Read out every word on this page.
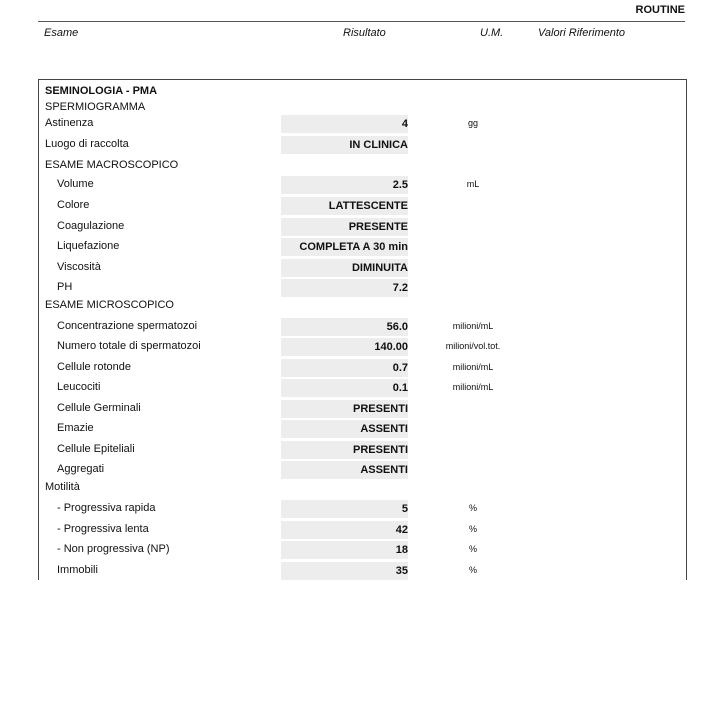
ROUTINE
Esame	Risultato	U.M.	Valori Riferimento
SEMINOLOGIA - PMA
SPERMIOGRAMMA
Astinenza	4	gg
Luogo di raccolta	IN CLINICA
ESAME MACROSCOPICO
Volume	2.5	mL
Colore	LATTESCENTE
Coagulazione	PRESENTE
Liquefazione	COMPLETA A 30 min
Viscosità	DIMINUITA
PH	7.2
ESAME MICROSCOPICO
Concentrazione spermatozoi	56.0	milioni/mL
Numero totale di spermatozoi	140.00	milioni/vol.tot.
Cellule rotonde	0.7	milioni/mL
Leucociti	0.1	milioni/mL
Cellule Germinali	PRESENTI
Emazie	ASSENTI
Cellule Epiteliali	PRESENTI
Aggregati	ASSENTI
Motilità
- Progressiva rapida	5	%
- Progressiva lenta	42	%
- Non progressiva (NP)	18	%
Immobili	35	%
